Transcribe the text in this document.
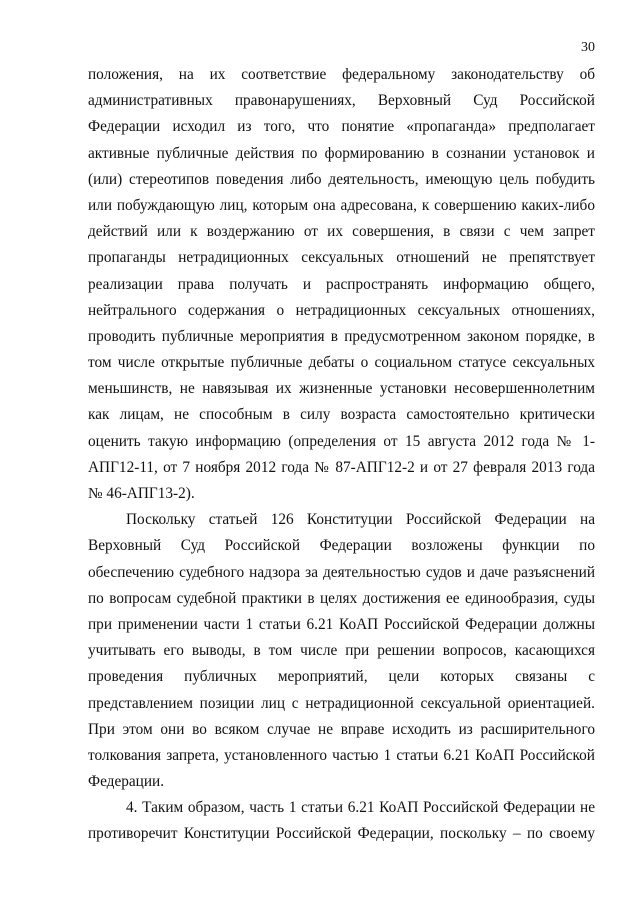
30
положения, на их соответствие федеральному законодательству об
административных правонарушениях, Верховный Суд Российской
Федерации исходил из того, что понятие «пропаганда» предполагает
активные публичные действия по формированию в сознании установок и
(или) стереотипов поведения либо деятельность, имеющую цель побудить
или побуждающую лиц, которым она адресована, к совершению каких-либо
действий или к воздержанию от их совершения, в связи с чем запрет
пропаганды нетрадиционных сексуальных отношений не препятствует
реализации права получать и распространять информацию общего,
нейтрального содержания о нетрадиционных сексуальных отношениях,
проводить публичные мероприятия в предусмотренном законом порядке, в
том числе открытые публичные дебаты о социальном статусе сексуальных
меньшинств, не навязывая их жизненные установки несовершеннолетним
как лицам, не способным в силу возраста самостоятельно критически
оценить такую информацию (определения от 15 августа 2012 года № 1-
АПГ12-11, от 7 ноября 2012 года № 87-АПГ12-2 и от 27 февраля 2013 года
№ 46-АПГ13-2).
Поскольку статьей 126 Конституции Российской Федерации на
Верховный Суд Российской Федерации возложены функции по
обеспечению судебного надзора за деятельностью судов и даче разъяснений
по вопросам судебной практики в целях достижения ее единообразия, суды
при применении части 1 статьи 6.21 КоАП Российской Федерации должны
учитывать его выводы, в том числе при решении вопросов, касающихся
проведения публичных мероприятий, цели которых связаны с
представлением позиции лиц с нетрадиционной сексуальной ориентацией.
При этом они во всяком случае не вправе исходить из расширительного
толкования запрета, установленного частью 1 статьи 6.21 КоАП Российской
Федерации.
4. Таким образом, часть 1 статьи 6.21 КоАП Российской Федерации не
противоречит Конституции Российской Федерации, поскольку – по своему
